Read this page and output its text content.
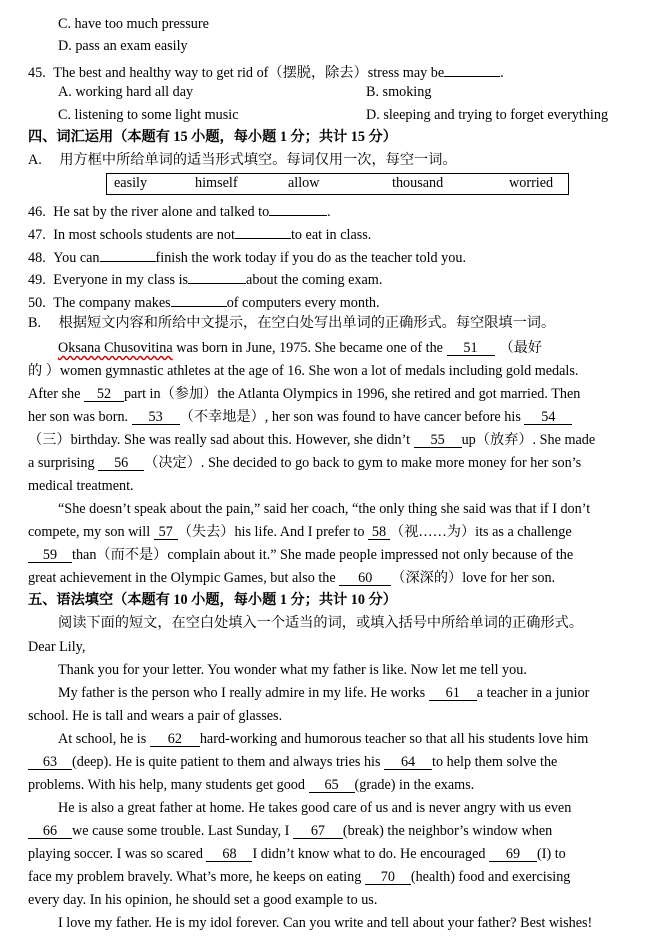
C. have too much pressure
D. pass an exam easily
45. The best and healthy way to get rid of（摆脱，除去）stress may be	.
A. working hard all day	B. smoking
C. listening to some light music	D. sleeping and trying to forget everything
四、词汇运用（本题有 15 小题，每小题 1 分；共计 15 分）
A. 用方框中所给单词的适当形式填空。每词仅用一次，每空一词。
easily	himself	allow	thousand	worried
46. He sat by the river alone and talked to	.
47. In most schools students are not	to eat in class.
48. You can	finish the work today if you do as the teacher told you.
49. Everyone in my class is	about the coming exam.
50. The company makes	of computers every month.
B. 根据短文内容和所给中文提示，在空白处写出单词的正确形式。每空限填一词。
Oksana Chusovitina was born in June, 1975. She became one of the 51 （最好
的 ）women gymnastic athletes at the age of 16. She won a lot of medals including gold medals.
After she 52 part in（参加）the Atlanta Olympics in 1996, she retired and got married. Then
her son was born. 53 （不幸地是）, her son was found to have cancer before his 54
（三）birthday. She was really sad about this. However, she didn’t 55 up（放弃）. She made
a surprising 56 （决定）. She decided to go back to gym to make more money for her son’s
medical treatment.
“She doesn’t speak about the pain,” said her coach, “the only thing she said was that if I don’t
compete, my son will 57 （失去）his life. And I prefer to 58 （视……为）its as a challenge
59 than（而不是）complain about it.” She made people impressed not only because of the
great achievement in the Olympic Games, but also the 60 （深深的）love for her son.
五、语法填空（本题有 10 小题，每小题 1 分；共计 10 分）
阅读下面的短文，在空白处填入一个适当的词，或填入括号中所给单词的正确形式。
Dear Lily,
Thank you for your letter. You wonder what my father is like. Now let me tell you.
My father is the person who I really admire in my life. He works 61 a teacher in a junior
school. He is tall and wears a pair of glasses.
At school, he is 62 hard-working and humorous teacher so that all his students love him
63 (deep). He is quite patient to them and always tries his 64 to help them solve the
problems. With his help, many students get good 65 (grade) in the exams.
He is also a great father at home. He takes good care of us and is never angry with us even
66 we cause some trouble. Last Sunday, I 67 (break) the neighbor’s window when
playing soccer. I was so scared 68 I didn’t know what to do. He encouraged 69 (I) to
face my problem bravely. What’s more, he keeps on eating 70 (health) food and exercising
every day. In his opinion, he should set a good example to us.
I love my father. He is my idol forever. Can you write and tell about your father? Best wishes!
